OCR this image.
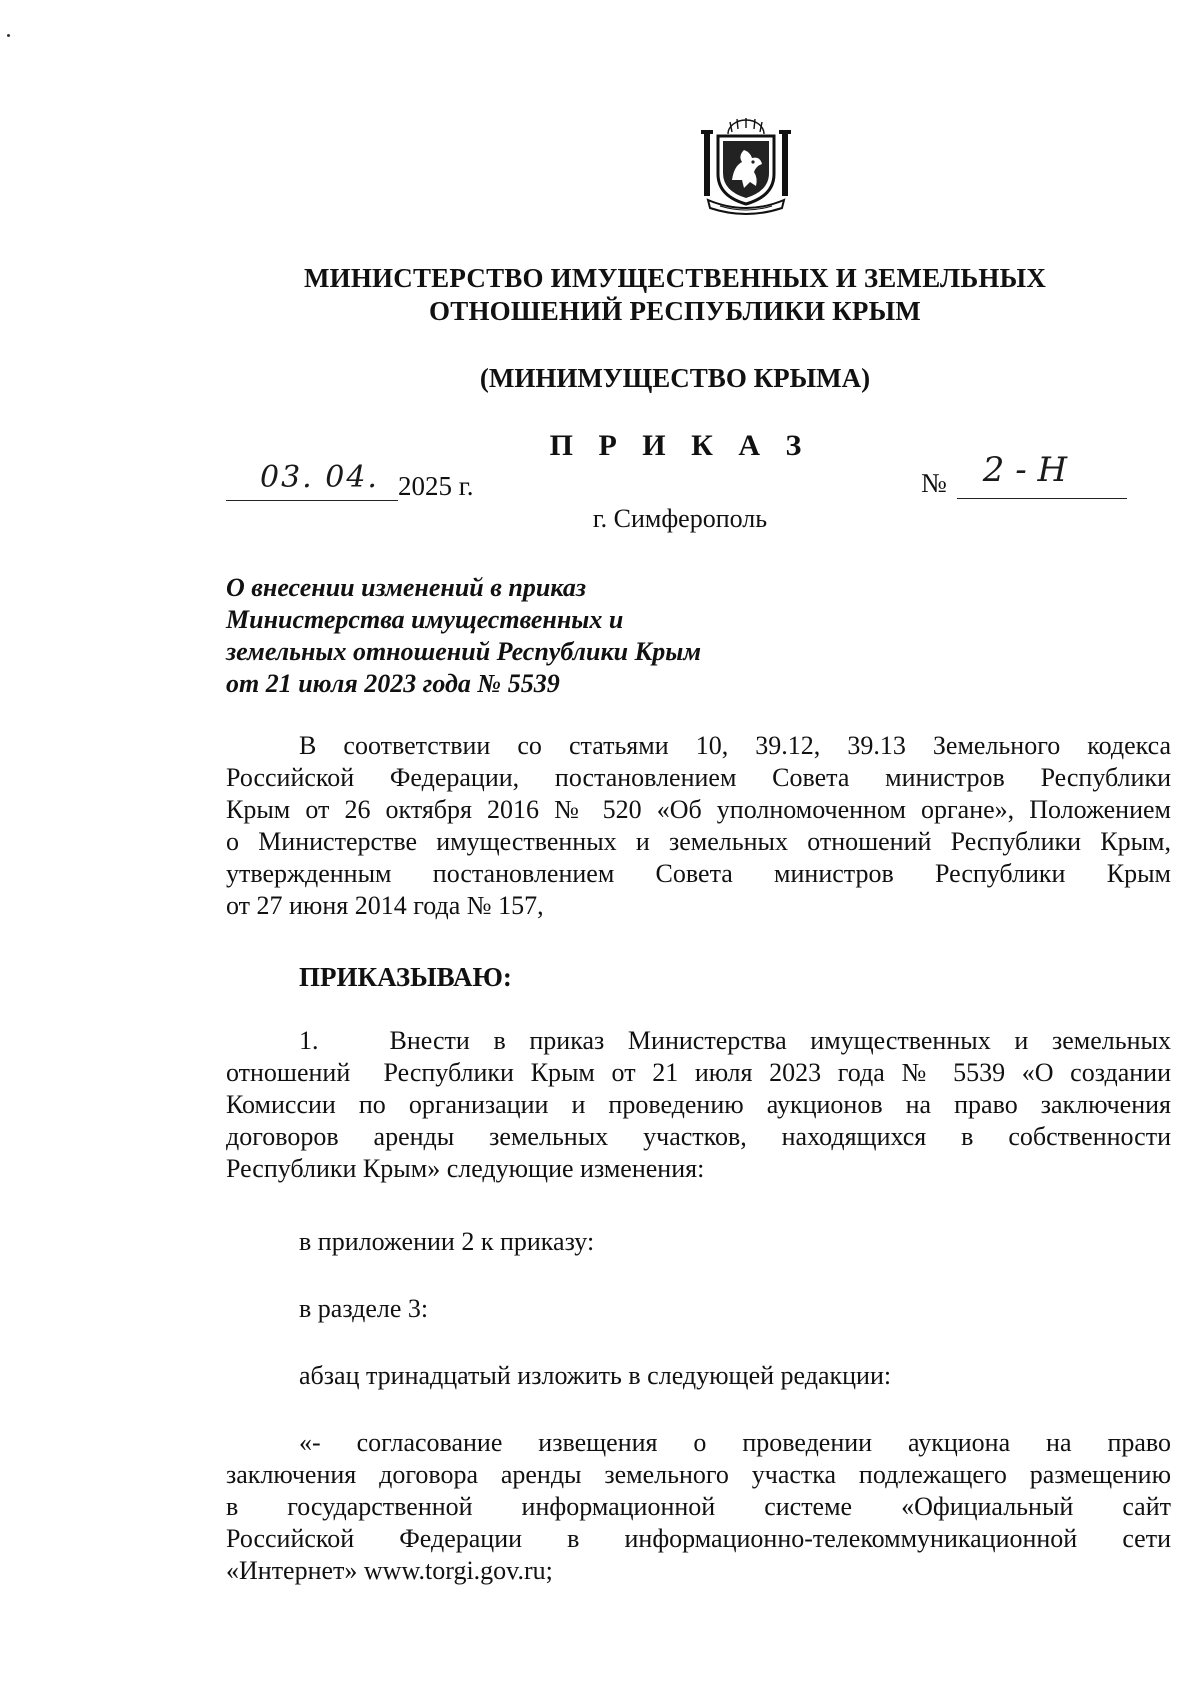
МИНИСТЕРСТВО ИМУЩЕСТВЕННЫХ И ЗЕМЕЛЬНЫХ
ОТНОШЕНИЙ РЕСПУБЛИКИ КРЫМ
(МИНИМУЩЕСТВО КРЫМА)
П Р И К А З
03. 04. 2025 г.	№ 2 - Н
г. Симферополь
О внесении изменений в приказ
Министерства имущественных и
земельных отношений Республики Крым
от 21 июля 2023 года № 5539
В соответствии со статьями 10, 39.12, 39.13 Земельного кодекса
Российской Федерации, постановлением Совета министров Республики
Крым от 26 октября 2016 № 520 «Об уполномоченном органе», Положением
о Министерстве имущественных и земельных отношений Республики Крым,
утвержденным постановлением Совета министров Республики Крым
от 27 июня 2014 года № 157,
ПРИКАЗЫВАЮ:
1.   Внести в приказ Министерства имущественных и земельных
отношений  Республики Крым от 21 июля 2023 года № 5539 «О создании
Комиссии по организации и проведению аукционов на право заключения
договоров аренды земельных участков, находящихся в собственности
Республики Крым» следующие изменения:
в приложении 2 к приказу:
в разделе 3:
абзац тринадцатый изложить в следующей редакции:
«- согласование извещения о проведении аукциона на право
заключения договора аренды земельного участка подлежащего размещению
в государственной информационной системе «Официальный сайт
Российской Федерации в информационно-телекоммуникационной сети
«Интернет» www.torgi.gov.ru;
